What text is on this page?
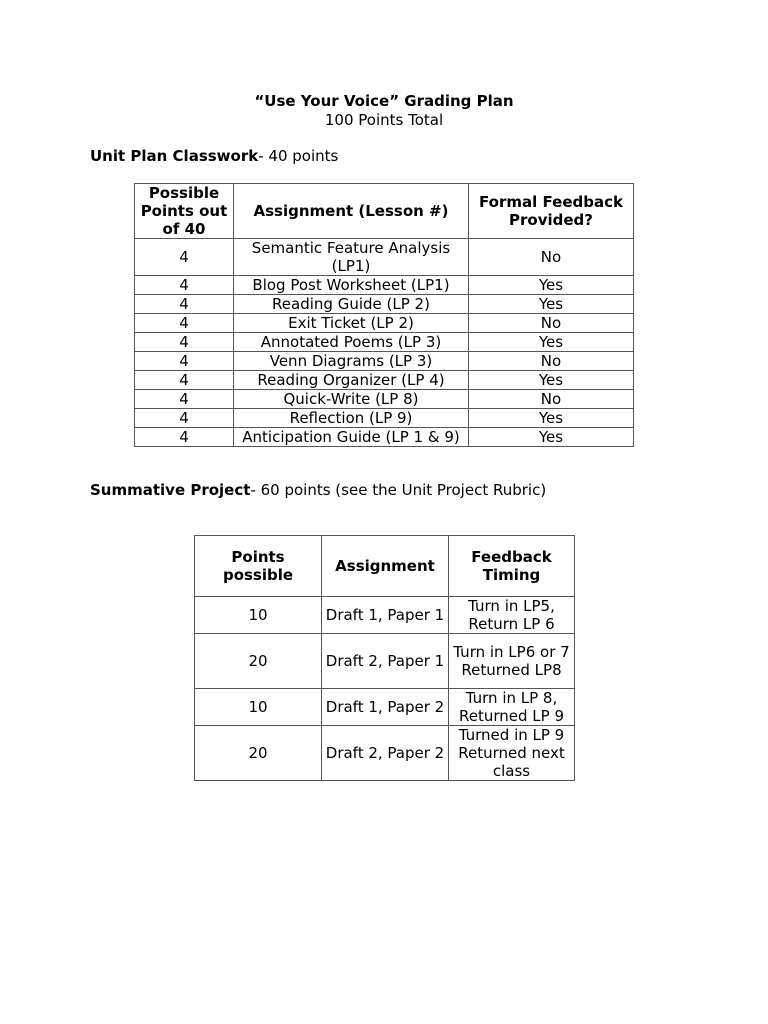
“Use Your Voice” Grading Plan
100 Points Total
Unit Plan Classwork- 40 points
Possible Points out of 40	Assignment (Lesson #)	Formal Feedback Provided?
4	Semantic Feature Analysis (LP1)	No
4	Blog Post Worksheet (LP1)	Yes
4	Reading Guide (LP 2)	Yes
4	Exit Ticket (LP 2)	No
4	Annotated Poems (LP 3)	Yes
4	Venn Diagrams (LP 3)	No
4	Reading Organizer (LP 4)	Yes
4	Quick-Write (LP 8)	No
4	Reflection (LP 9)	Yes
4	Anticipation Guide (LP 1 & 9)	Yes
Summative Project- 60 points (see the Unit Project Rubric)
Points possible	Assignment	Feedback Timing
10	Draft 1, Paper 1	Turn in LP5, Return LP 6
20	Draft 2, Paper 1	Turn in LP6 or 7 Returned LP8
10	Draft 1, Paper 2	Turn in LP 8, Returned LP 9
20	Draft 2, Paper 2	Turned in LP 9 Returned next class
